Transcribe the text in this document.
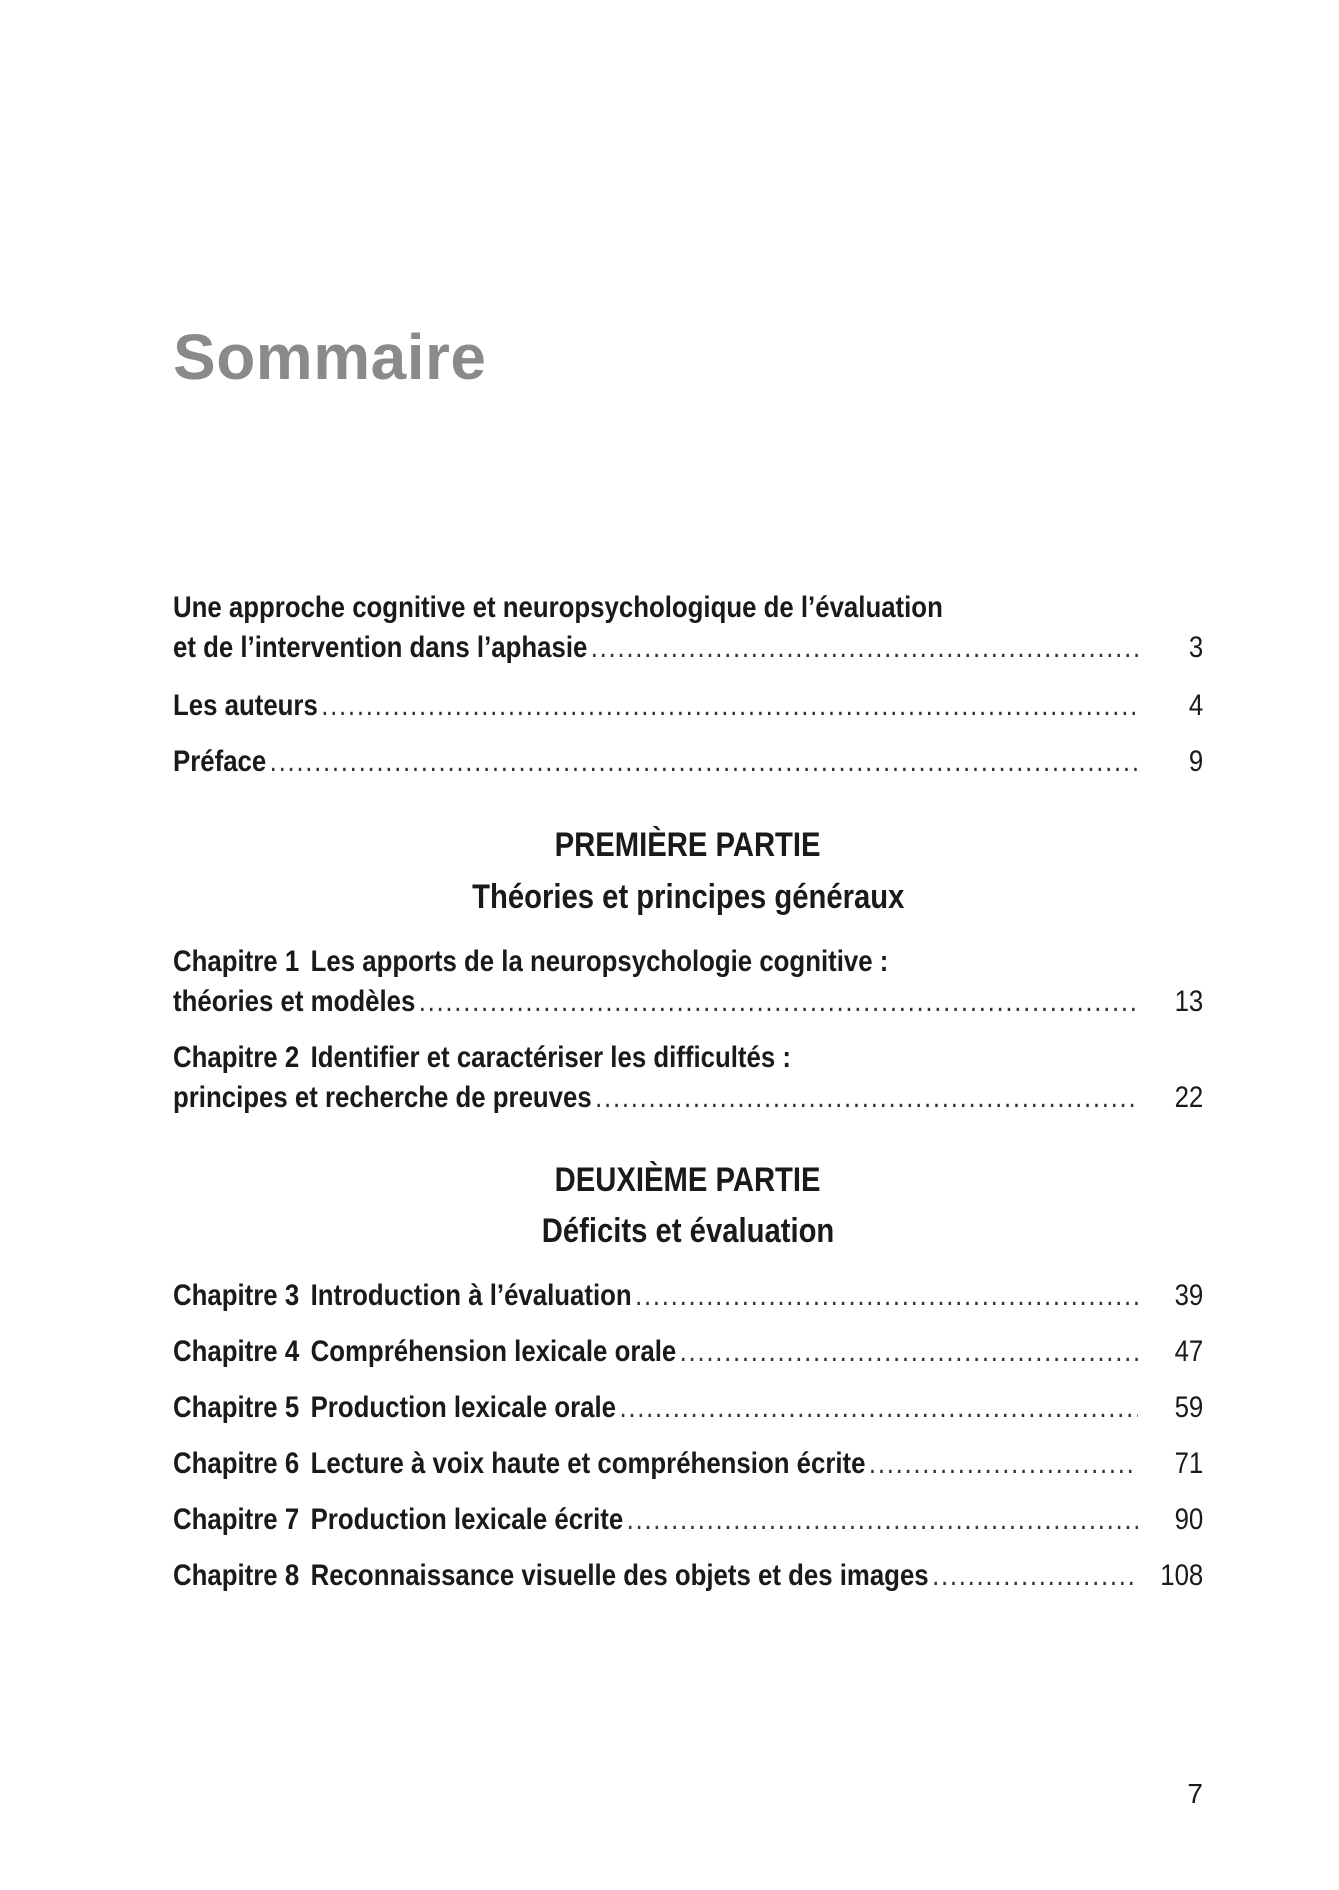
Sommaire
Une approche cognitive et neuropsychologique de l’évaluation
et de l’intervention dans l’aphasie .....	3
Les auteurs .....	4
Préface .....	9
PREMIÈRE PARTIE
Théories et principes généraux
Chapitre 1 Les apports de la neuropsychologie cognitive :
théories et modèles .....	13
Chapitre 2 Identifier et caractériser les difficultés :
principes et recherche de preuves .....	22
DEUXIÈME PARTIE
Déficits et évaluation
Chapitre 3 Introduction à l’évaluation .....	39
Chapitre 4 Compréhension lexicale orale .....	47
Chapitre 5 Production lexicale orale .....	59
Chapitre 6 Lecture à voix haute et compréhension écrite .....	71
Chapitre 7 Production lexicale écrite .....	90
Chapitre 8 Reconnaissance visuelle des objets et des images .....	108
7
